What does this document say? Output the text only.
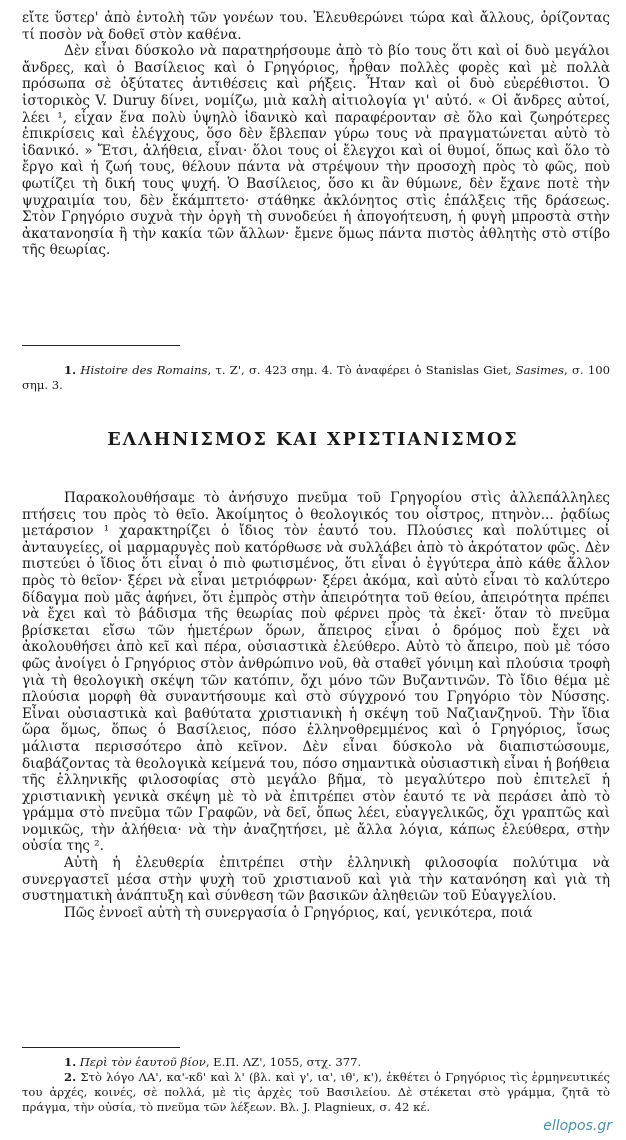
εἴτε ὕστερ' ἀπὸ ἐντολὴ τῶν γονέων του. Ἐλευθερώνει τώρα καὶ ἄλλους, ὁρίζοντας τί ποσὸν νὰ δοθεῖ στὸν καθένα.

Δὲν εἶναι δύσκολο νὰ παρατηρήσουμε ἀπὸ τὸ βίο τους ὅτι καὶ οἱ δυὸ μεγάλοι ἄνδρες, καὶ ὁ Βασίλειος καὶ ὁ Γρηγόριος, ἦρθαν πολλὲς φορὲς καὶ μὲ πολλὰ πρόσωπα σὲ ὀξύτατες ἀντιθέσεις καὶ ρήξεις. Ἦταν καὶ οἱ δυὸ εὐερέθιστοι. Ὁ ἱστορικὸς V. Duruy δίνει, νομίζω, μιὰ καλὴ αἰτιολογία γι' αὐτό. « Οἱ ἄνδρες αὐτοί, λέει ¹, εἶχαν ἕνα πολὺ ὑψηλὸ ἰδανικὸ καὶ παραφέρονταν σὲ ὅλο καὶ ζωηρότερες ἐπικρίσεις καὶ ἐλέγχους, ὅσο δὲν ἔβλεπαν γύρω τους νὰ πραγματώνεται αὐτὸ τὸ ἰδανικό. » Ἔτσι, ἀλήθεια, εἶναι· ὅλοι τους οἱ ἔλεγχοι καὶ οἱ θυμοί, ὅπως καὶ ὅλο τὸ ἔργο καὶ ἡ ζωή τους, θέλουν πάντα νὰ στρέψουν τὴν προσοχὴ πρὸς τὸ φῶς, ποὺ φωτίζει τὴ δική τους ψυχή. Ὁ Βασίλειος, ὅσο κι ἂν θύμωνε, δὲν ἔχανε ποτὲ τὴν ψυχραιμία του, δὲν ἔκάμπτετο· στάθηκε ἀκλόνητος στὶς ἐπάλξεις τῆς δράσεως. Στὸν Γρηγόριο συχνὰ τὴν ὀργὴ τὴ συνοδεύει ἡ ἀπογοήτευση, ἡ φυγὴ μπροστὰ στὴν ἀκατανοησία ἢ τὴν κακία τῶν ἄλλων· ἔμενε ὅμως πάντα πιστὸς ἀθλητὴς στὸ στίβο τῆς θεωρίας.

1. Histoire des Romains, τ. Ζ', σ. 423 σημ. 4. Τὸ ἀναφέρει ὁ Stanislas Giet, Sasimes, σ. 100 σημ. 3.

ΕΛΛΗΝΙΣΜΟΣ ΚΑΙ ΧΡΙΣΤΙΑΝΙΣΜΟΣ

Παρακολουθήσαμε τὸ ἀνήσυχο πνεῦμα τοῦ Γρηγορίου στὶς ἀλλεπάλληλες πτήσεις του πρὸς τὸ θεῖο. Ἀκοίμητος ὁ θεολογικός του οἶστρος, πτηνὸν... ῥᾳδίως μετάρσιον ¹ χαρακτηρίζει ὁ ἴδιος τὸν ἑαυτό του. Πλούσιες καὶ πολύτιμες οἱ ἀνταυγείες, οἱ μαρμαρυγὲς ποὺ κατόρθωσε νὰ συλλάβει ἀπὸ τὸ ἀκρότατον φῶς. Δὲν πιστεύει ὁ ἴδιος ὅτι εἶναι ὁ πιὸ φωτισμένος, ὅτι εἶναι ὁ ἐγγύτερα ἀπὸ κάθε ἄλλον πρὸς τὸ θεῖον· ξέρει νὰ εἶναι μετριόφρων· ξέρει ἀκόμα, καὶ αὐτὸ εἶναι τὸ καλύτερο δίδαγμα ποὺ μᾶς ἀφήνει, ὅτι ἐμπρὸς στὴν ἀπειρότητα τοῦ θείου, ἀπειρότητα πρέπει νὰ ἔχει καὶ τὸ βάδισμα τῆς θεωρίας ποὺ φέρνει πρὸς τὰ ἐκεῖ· ὅταν τὸ πνεῦμα βρίσκεται εἴσω τῶν ἡμετέρων ὅρων, ἄπειρος εἶναι ὁ δρόμος ποὺ ἔχει νὰ ἀκολουθήσει ἀπὸ κεῖ καὶ πέρα, οὐσιαστικὰ ἐλεύθερο. Αὐτὸ τὸ ἄπειρο, ποὺ μὲ τόσο φῶς ἀνοίγει ὁ Γρηγόριος στὸν ἀνθρώπινο νοῦ, θὰ σταθεῖ γόνιμη καὶ πλούσια τροφὴ γιὰ τὴ θεολογικὴ σκέψη τῶν κατόπιν, ὄχι μόνο τῶν Βυζαντινῶν. Τὸ ἴδιο θέμα μὲ πλούσια μορφὴ θὰ συναντήσουμε καὶ στὸ σύγχρονό του Γρηγόριο τὸν Νύσσης. Εἶναι οὐσιαστικὰ καὶ βαθύτατα χριστιανικὴ ἡ σκέψη τοῦ Ναζιανζηνοῦ. Τὴν ἴδια ὥρα ὅμως, ὅπως ὁ Βασίλειος, πόσο ἑλληνοθρεμμένος καὶ ὁ Γρηγόριος, ἴσως μάλιστα περισσότερο ἀπὸ κεῖνον. Δὲν εἶναι δύσκολο νὰ διαπιστώσουμε, διαβάζοντας τὰ θεολογικὰ κείμενά του, πόσο σημαντικὰ οὐσιαστικὴ εἶναι ἡ βοήθεια τῆς ἑλληνικῆς φιλοσοφίας στὸ μεγάλο βῆμα, τὸ μεγαλύτερο ποὺ ἐπιτελεῖ ἡ χριστιανικὴ γενικὰ σκέψη μὲ τὸ νὰ ἐπιτρέπει στὸν ἑαυτό τε νὰ περάσει ἀπὸ τὸ γράμμα στὸ πνεῦμα τῶν Γραφῶν, νὰ δεῖ, ὅπως λέει, εὐαγγελικῶς, ὄχι γραπτῶς καὶ νομικῶς, τὴν ἀλήθεια· νὰ τὴν ἀναζητήσει, μὲ ἄλλα λόγια, κάπως ἐλεύθερα, στὴν οὐσία της ².

Αὐτὴ ἡ ἐλευθερία ἐπιτρέπει στὴν ἑλληνικὴ φιλοσοφία πολύτιμα νὰ συνεργαστεῖ μέσα στὴν ψυχὴ τοῦ χριστιανοῦ καὶ γιὰ τὴν κατανόηση καὶ γιὰ τὴ συστηματικὴ ἀνάπτυξη καὶ σύνθεση τῶν βασικῶν ἀληθειῶν τοῦ Εὐαγγελίου.

Πῶς ἐννοεῖ αὐτὴ τὴ συνεργασία ὁ Γρηγόριος, καί, γενικότερα, ποιά

1. Περὶ τὸν ἑαυτοῦ βίον, Ε.Π. ΛΖ', 1055, στχ. 377.

2. Στὸ λόγο ΛΑ', κα'-κδ' καὶ λ' (βλ. καὶ γ', ια', ιθ', κ'), ἐκθέτει ὁ Γρηγόριος τὶς ἑρμηνευτικές του ἀρχές, κοινές, σὲ πολλά, μὲ τὶς ἀρχὲς τοῦ Βασιλείου. Δὲ στέκεται στὸ γράμμα, ζητᾶ τὸ πράγμα, τὴν οὐσία, τὸ πνεῦμα τῶν λέξεων. Βλ. J. Plagnieux, σ. 42 κέ.

ellopos.gr
